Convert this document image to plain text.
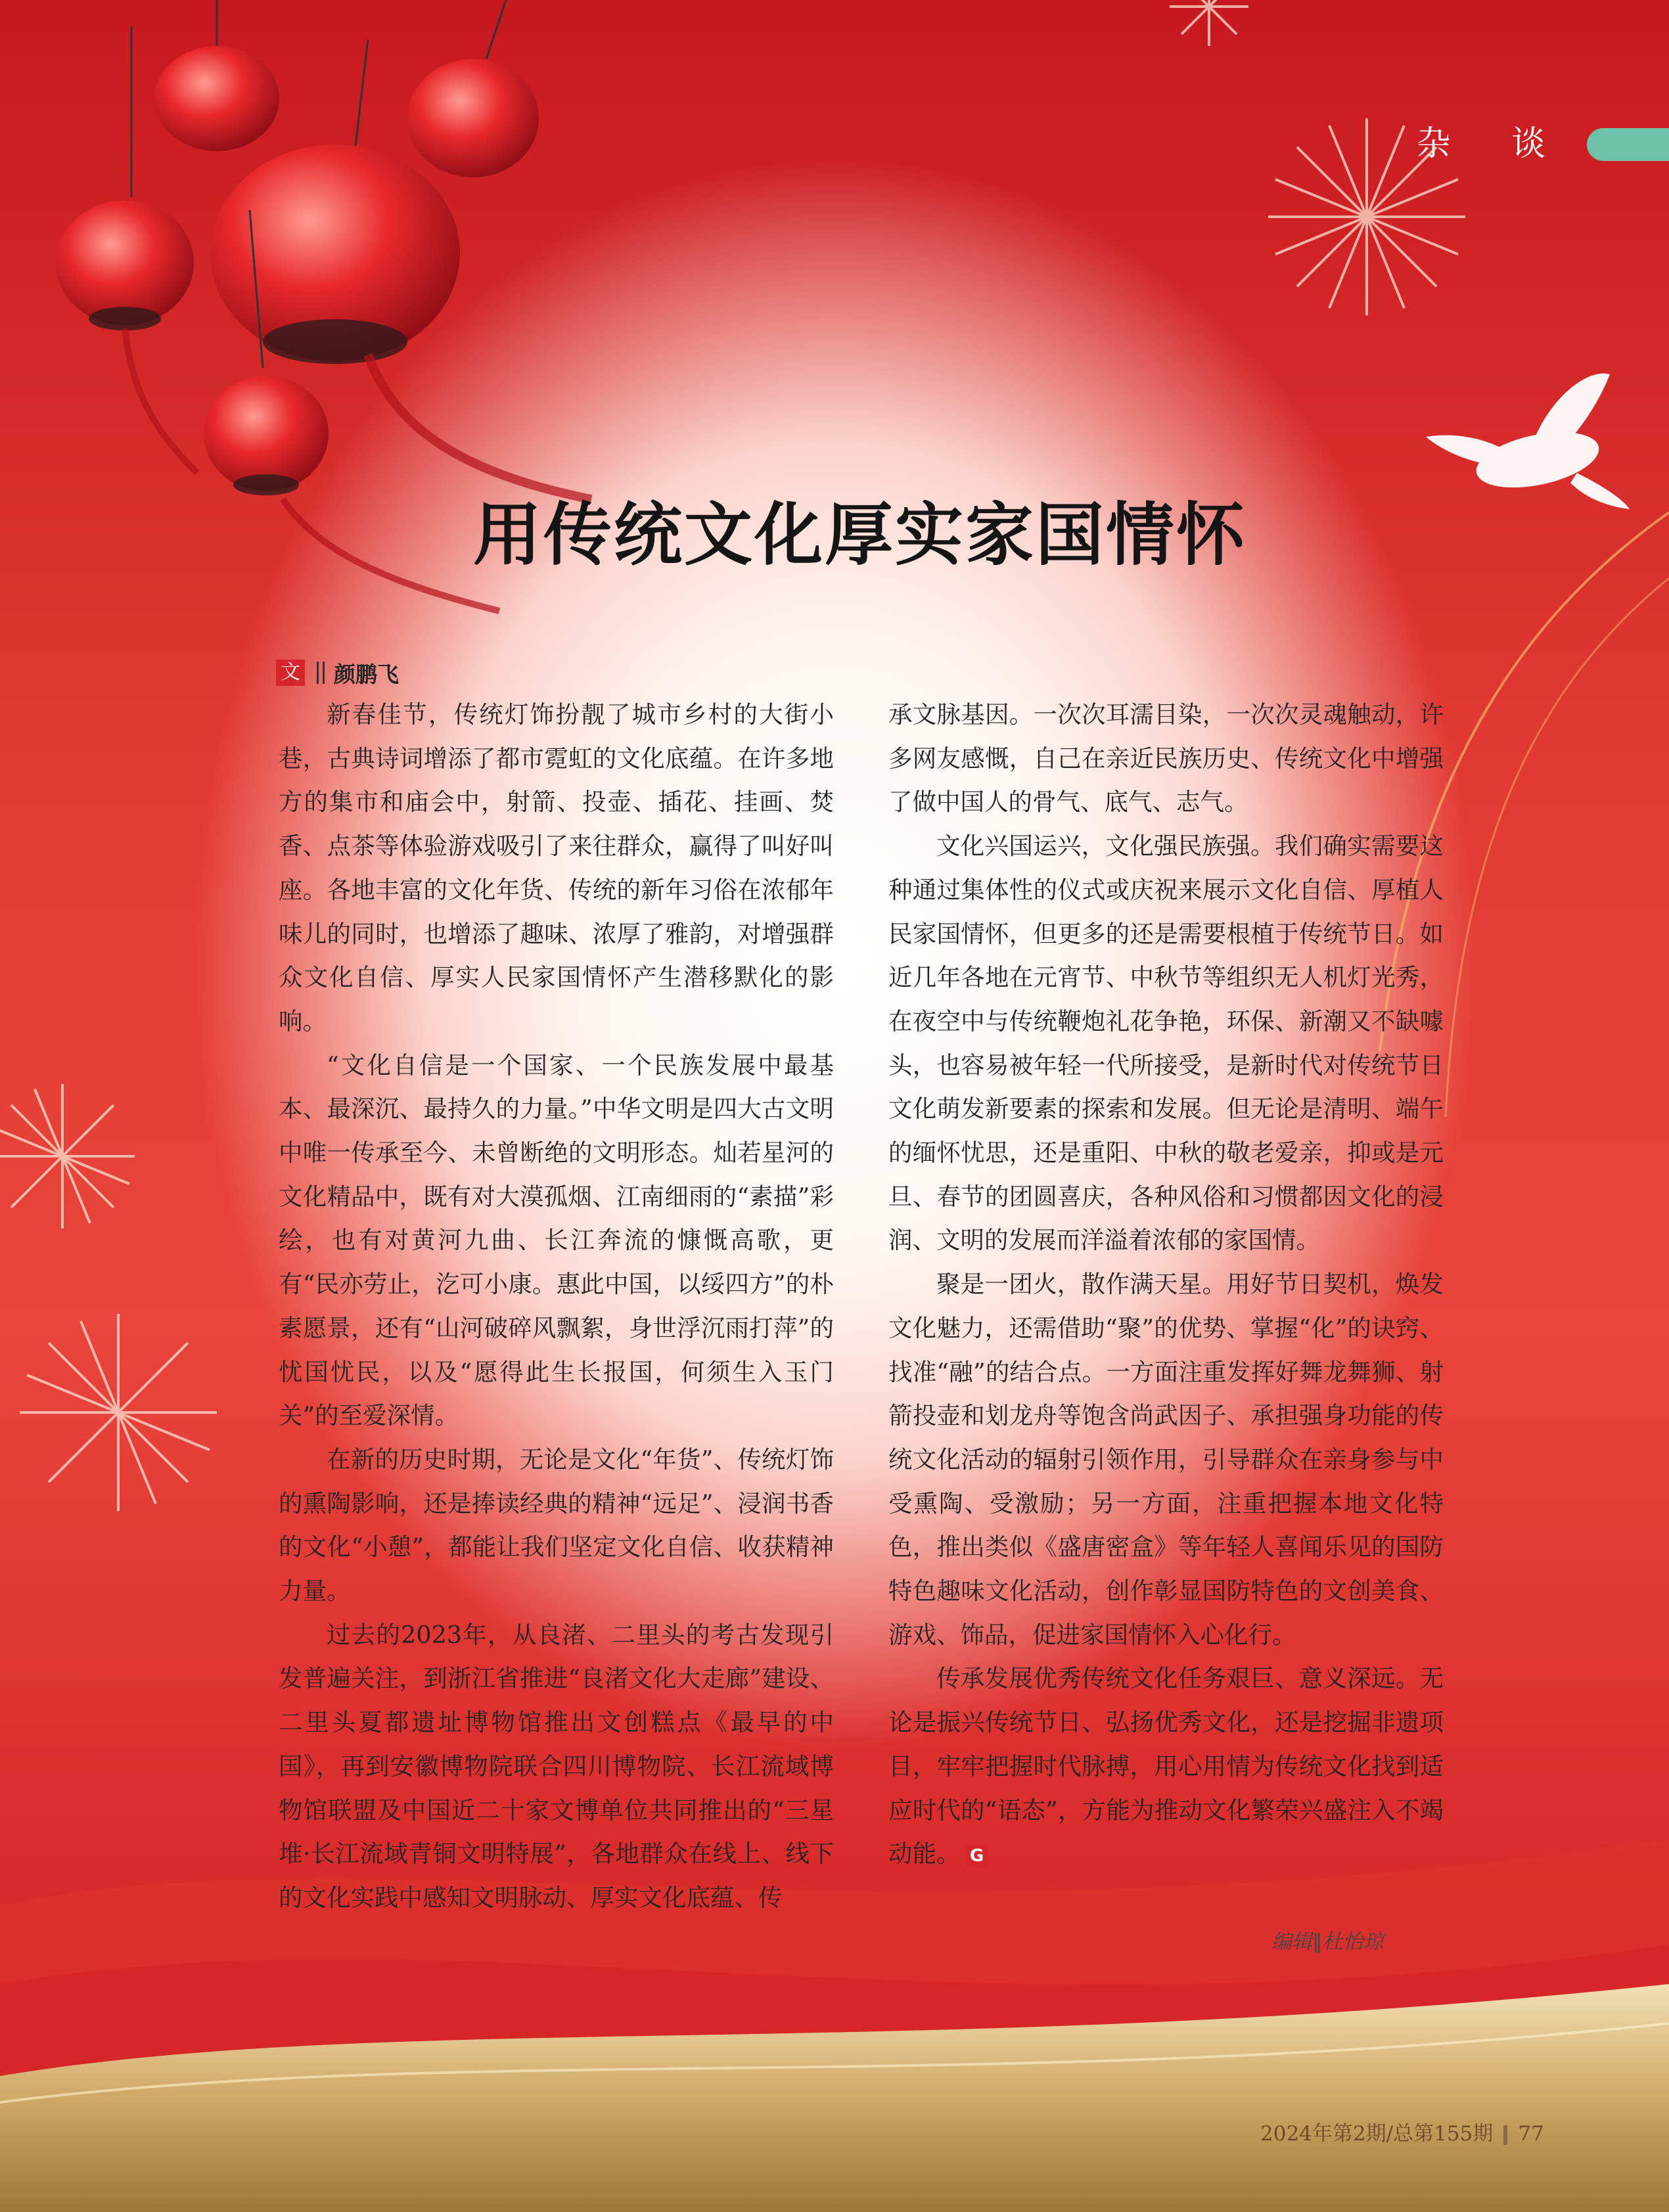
杂 谈
用传统文化厚实家国情怀
文 颜鹏飞

新春佳节，传统灯饰扮靓了城市乡村的大街小巷，古典诗词增添了都市霓虹的文化底蕴。在许多地方的集市和庙会中，射箭、投壶、插花、挂画、焚香、点茶等体验游戏吸引了来往群众，赢得了叫好叫座。各地丰富的文化年货、传统的新年习俗在浓郁年味儿的同时，也增添了趣味、浓厚了雅韵，对增强群众文化自信、厚实人民家国情怀产生潜移默化的影响。

“文化自信是一个国家、一个民族发展中最基本、最深沉、最持久的力量。”中华文明是四大古文明中唯一传承至今、未曾断绝的文明形态。灿若星河的文化精品中，既有对大漠孤烟、江南细雨的“素描”彩绘，也有对黄河九曲、长江奔流的慷慨高歌，更有“民亦劳止，汔可小康。惠此中国，以绥四方”的朴素愿景，还有“山河破碎风飘絮，身世浮沉雨打萍”的忧国忧民，以及“愿得此生长报国，何须生入玉门关”的至爱深情。

在新的历史时期，无论是文化“年货”、传统灯饰的熏陶影响，还是捧读经典的精神“远足”、浸润书香的文化“小憩”，都能让我们坚定文化自信、收获精神力量。

过去的2023年，从良渚、二里头的考古发现引发普遍关注，到浙江省推进“良渚文化大走廊”建设、二里头夏都遗址博物馆推出文创糕点《最早的中国》，再到安徽博物院联合四川博物院、长江流域博物馆联盟及中国近二十家文博单位共同推出的“三星堆·长江流域青铜文明特展”，各地群众在线上、线下的文化实践中感知文明脉动、厚实文化底蕴、传

承文脉基因。一次次耳濡目染，一次次灵魂触动，许多网友感慨，自己在亲近民族历史、传统文化中增强了做中国人的骨气、底气、志气。

文化兴国运兴，文化强民族强。我们确实需要这种通过集体性的仪式或庆祝来展示文化自信、厚植人民家国情怀，但更多的还是需要根植于传统节日。如近几年各地在元宵节、中秋节等组织无人机灯光秀，在夜空中与传统鞭炮礼花争艳，环保、新潮又不缺噱头，也容易被年轻一代所接受，是新时代对传统节日文化萌发新要素的探索和发展。但无论是清明、端午的缅怀忧思，还是重阳、中秋的敬老爱亲，抑或是元旦、春节的团圆喜庆，各种风俗和习惯都因文化的浸润、文明的发展而洋溢着浓郁的家国情。

聚是一团火，散作满天星。用好节日契机，焕发文化魅力，还需借助“聚”的优势、掌握“化”的诀窍、找准“融”的结合点。一方面注重发挥好舞龙舞狮、射箭投壶和划龙舟等饱含尚武因子、承担强身功能的传统文化活动的辐射引领作用，引导群众在亲身参与中受熏陶、受激励；另一方面，注重把握本地文化特色，推出类似《盛唐密盒》等年轻人喜闻乐见的国防特色趣味文化活动，创作彰显国防特色的文创美食、游戏、饰品，促进家国情怀入心化行。

传承发展优秀传统文化任务艰巨、意义深远。无论是振兴传统节日、弘扬优秀文化，还是挖掘非遗项目，牢牢把握时代脉搏，用心用情为传统文化找到适应时代的“语态”，方能为推动文化繁荣兴盛注入不竭动能。 G

编辑∥杜怡琼
2024年第2期/总第155期 77
